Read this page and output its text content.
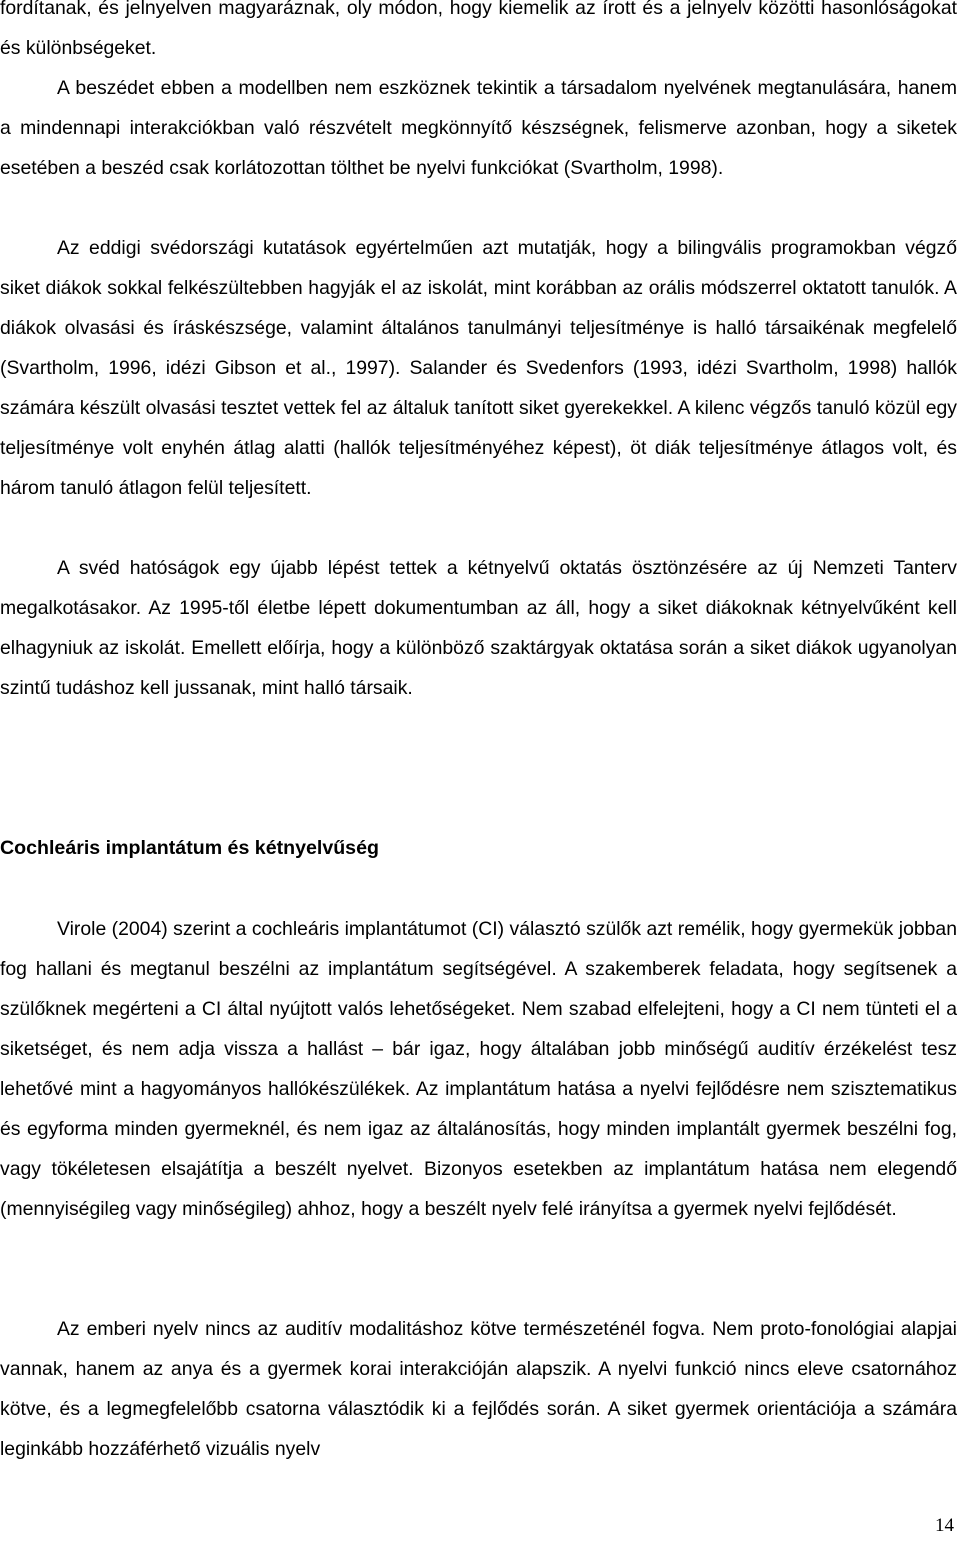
fordítanak, és jelnyelven magyaráznak, oly módon, hogy kiemelik az írott és a jelnyelv közötti hasonlóságokat és különbségeket.

A beszédet ebben a modellben nem eszköznek tekintik a társadalom nyelvének megtanulására, hanem a mindennapi interakciókban való részvételt megkönnyítő készségnek, felismerve azonban, hogy a siketek esetében a beszéd csak korlátozottan tölthet be nyelvi funkciókat (Svartholm, 1998).

Az eddigi svédországi kutatások egyértelműen azt mutatják, hogy a bilingvális programokban végző siket diákok sokkal felkészültebben hagyják el az iskolát, mint korábban az orális módszerrel oktatott tanulók. A diákok olvasási és íráskészsége, valamint általános tanulmányi teljesítménye is halló társaikénak megfelelő (Svartholm, 1996, idézi Gibson et al., 1997). Salander és Svedenfors (1993, idézi Svartholm, 1998) hallók számára készült olvasási tesztet vettek fel az általuk tanított siket gyerekekkel. A kilenc végzős tanuló közül egy teljesítménye volt enyhén átlag alatti (hallók teljesítményéhez képest), öt diák teljesítménye átlagos volt, és három tanuló átlagon felül teljesített.

A svéd hatóságok egy újabb lépést tettek a kétnyelvű oktatás ösztönzésére az új Nemzeti Tanterv megalkotásakor. Az 1995-től életbe lépett dokumentumban az áll, hogy a siket diákoknak kétnyelvűként kell elhagyniuk az iskolát. Emellett előírja, hogy a különböző szaktárgyak oktatása során a siket diákok ugyanolyan szintű tudáshoz kell jussanak, mint halló társaik.

Cochleáris implantátum és kétnyelvűség

Virole (2004) szerint a cochleáris implantátumot (CI) választó szülők azt remélik, hogy gyermekük jobban fog hallani és megtanul beszélni az implantátum segítségével. A szakemberek feladata, hogy segítsenek a szülőknek megérteni a CI által nyújtott valós lehetőségeket. Nem szabad elfelejteni, hogy a CI nem tünteti el a siketséget, és nem adja vissza a hallást – bár igaz, hogy általában jobb minőségű auditív érzékelést tesz lehetővé mint a hagyományos hallókészülékek. Az implantátum hatása a nyelvi fejlődésre nem szisztematikus és egyforma minden gyermeknél, és nem igaz az általánosítás, hogy minden implantált gyermek beszélni fog, vagy tökéletesen elsajátítja a beszélt nyelvet. Bizonyos esetekben az implantátum hatása nem elegendő (mennyiségileg vagy minőségileg) ahhoz, hogy a beszélt nyelv felé irányítsa a gyermek nyelvi fejlődését.

Az emberi nyelv nincs az auditív modalitáshoz kötve természeténél fogva. Nem proto-fonológiai alapjai vannak, hanem az anya és a gyermek korai interakcióján alapszik. A nyelvi funkció nincs eleve csatornához kötve, és a legmegfelelőbb csatorna választódik ki a fejlődés során. A siket gyermek orientációja a számára leginkább hozzáférhető vizuális nyelv

14
